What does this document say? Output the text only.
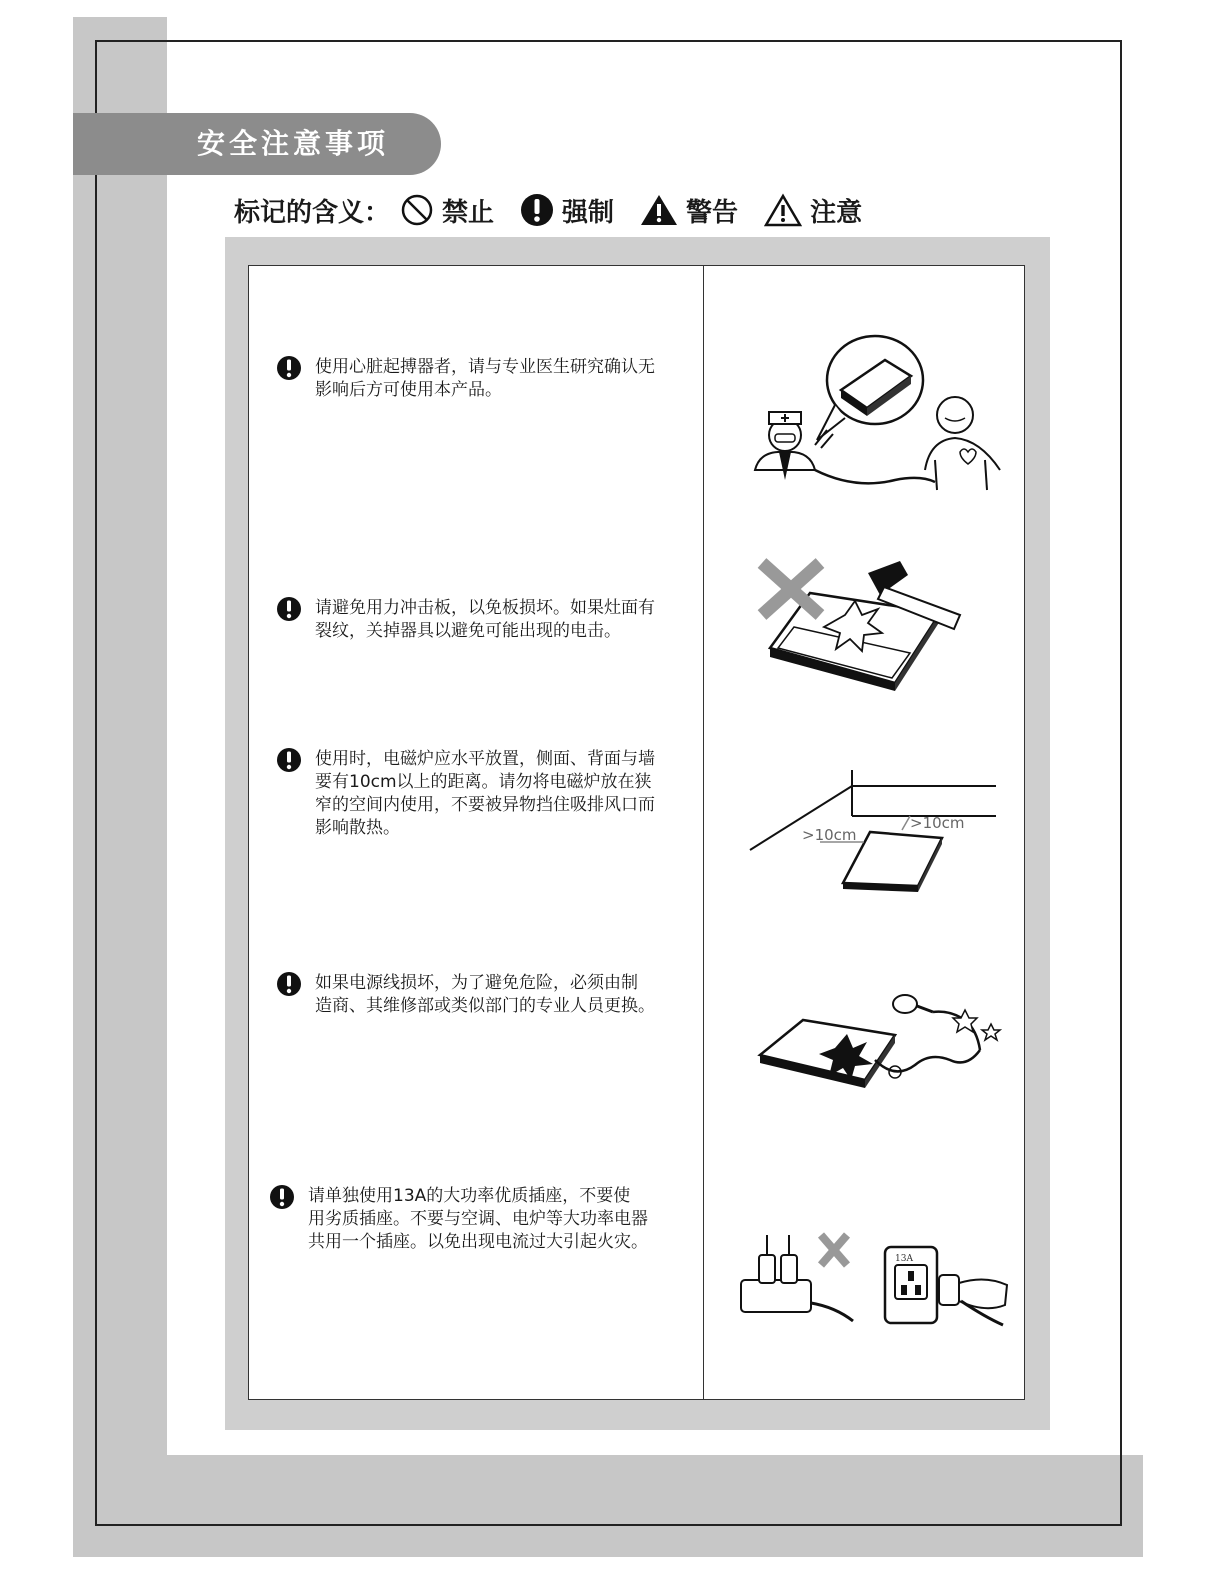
安全注意事项
标记的含义： 禁止	强制	警告	注意
使用心脏起搏器者，请与专业医生研究确认无
影响后方可使用本产品。
请避免用力冲击板，以免板损坏。如果灶面有
裂纹，关掉器具以避免可能出现的电击。
使用时，电磁炉应水平放置，侧面、背面与墙
要有10cm以上的距离。请勿将电磁炉放在狭
窄的空间内使用，不要被异物挡住吸排风口而
影响散热。
如果电源线损坏，为了避免危险，必须由制
造商、其维修部或类似部门的专业人员更换。
请单独使用13A的大功率优质插座，不要使
用劣质插座。不要与空调、电炉等大功率电器
共用一个插座。以免出现电流过大引起火灾。
>10cm
>10cm
13A
